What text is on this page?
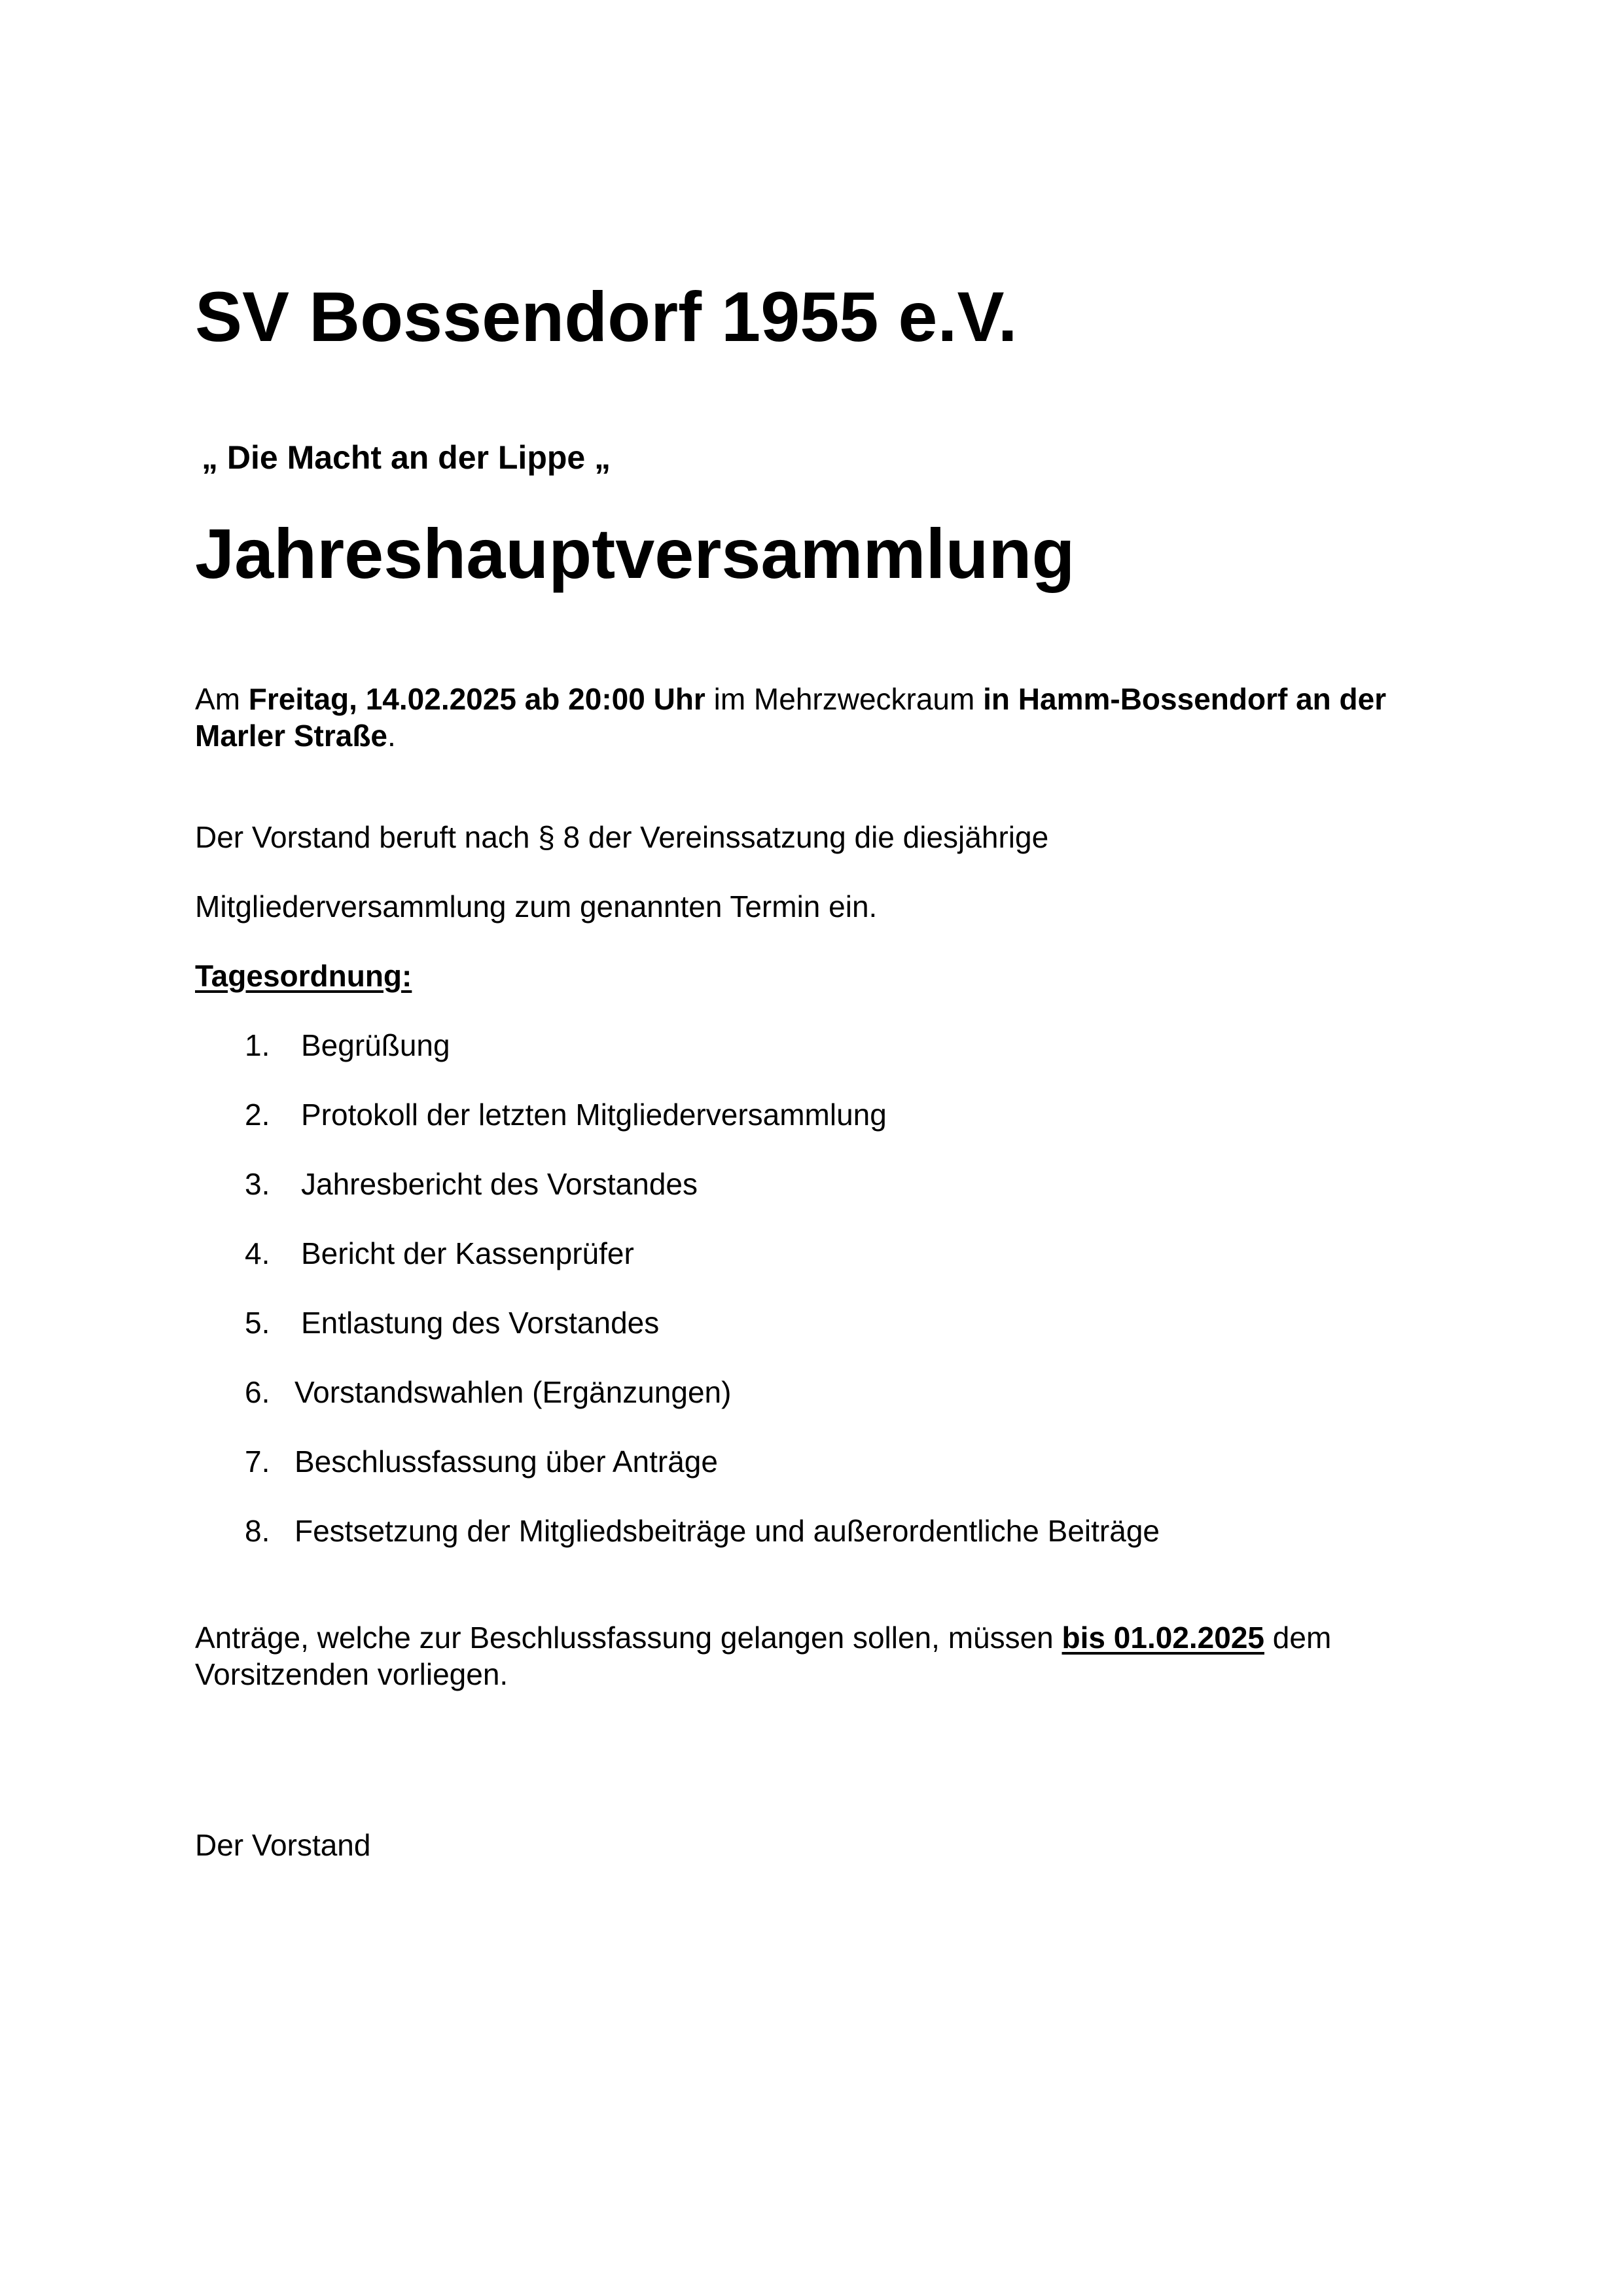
SV Bossendorf 1955 e.V.
„ Die Macht an der Lippe „
Jahreshauptversammlung
Am Freitag, 14.02.2025 ab 20:00 Uhr im Mehrzweckraum in Hamm-Bossendorf an der Marler Straße.
Der Vorstand beruft nach § 8 der Vereinssatzung die diesjährige
Mitgliederversammlung zum genannten Termin ein.
Tagesordnung:
1.	Begrüßung
2.	Protokoll der letzten Mitgliederversammlung
3.	Jahresbericht des Vorstandes
4.	Bericht der Kassenprüfer
5.	Entlastung des Vorstandes
6. Vorstandswahlen (Ergänzungen)
7. Beschlussfassung über Anträge
8. Festsetzung der Mitgliedsbeiträge und außerordentliche Beiträge
Anträge, welche zur Beschlussfassung gelangen sollen, müssen bis 01.02.2025 dem Vorsitzenden vorliegen.
Der Vorstand
